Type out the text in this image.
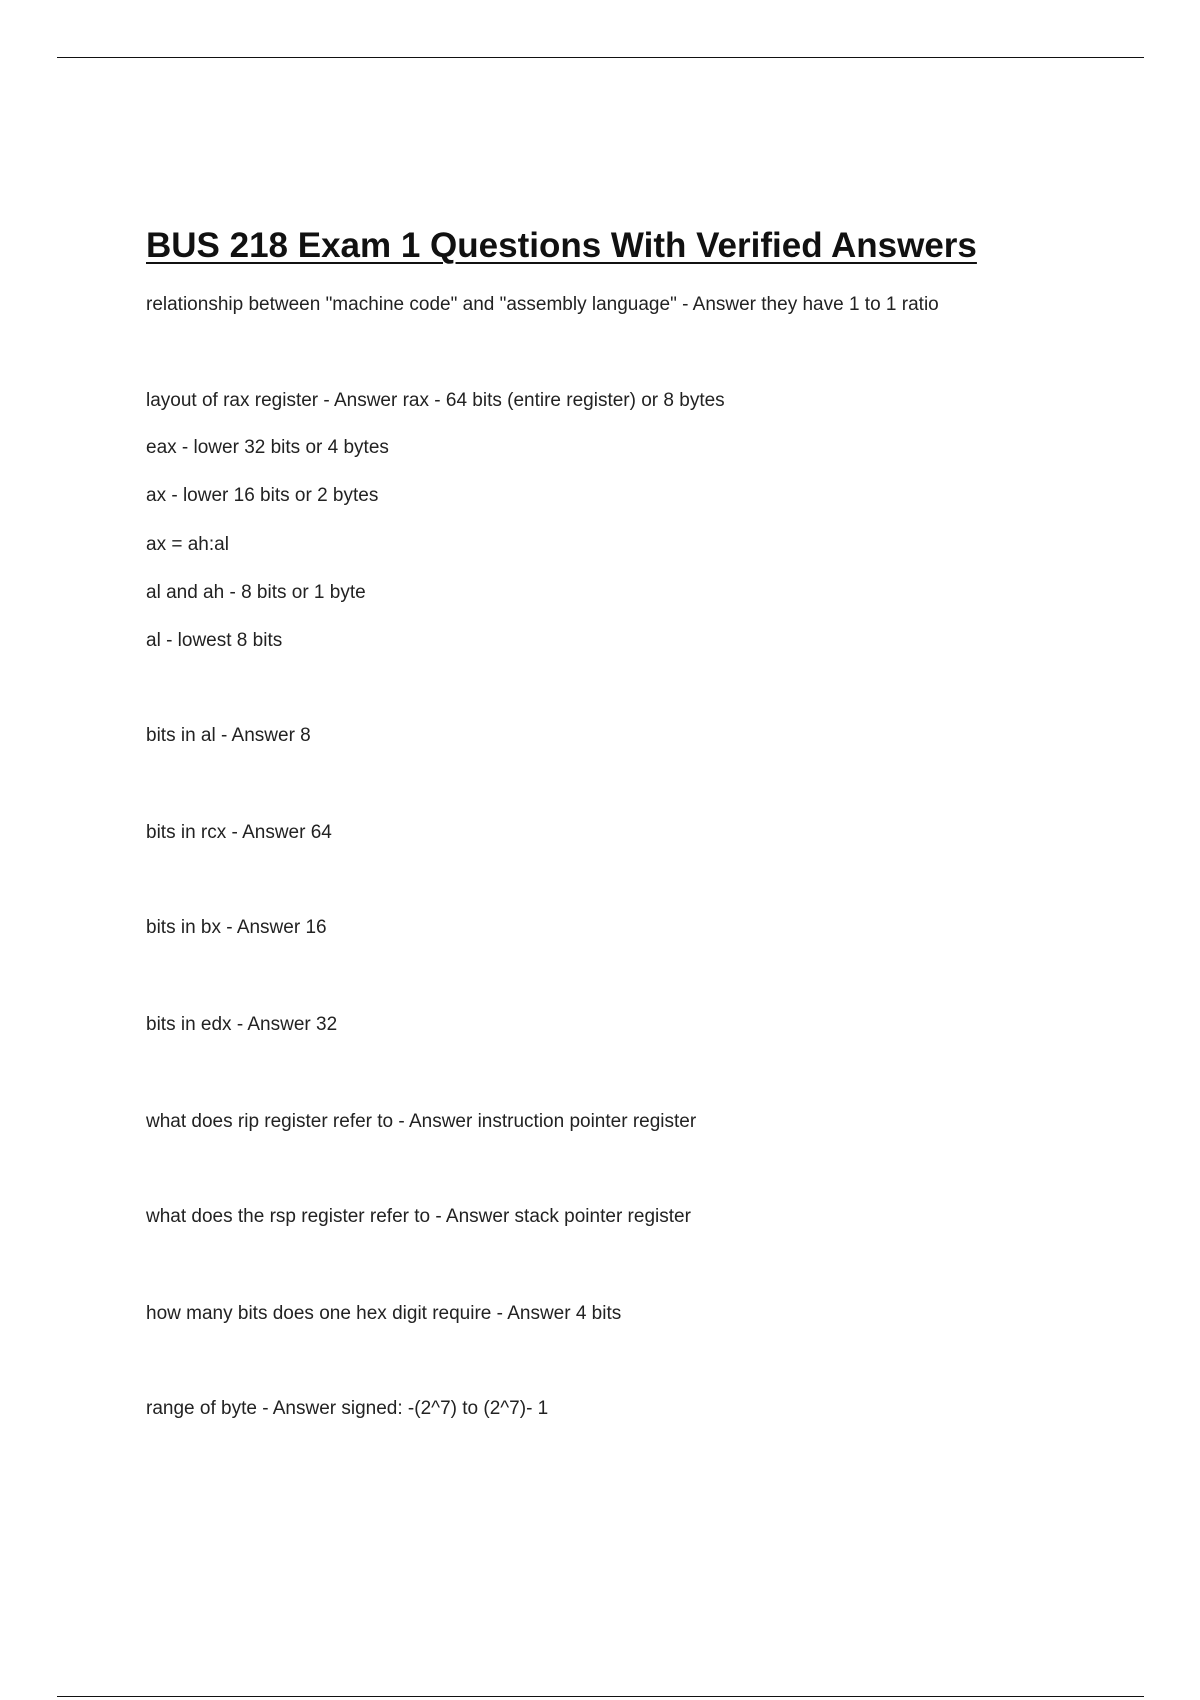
BUS 218 Exam 1 Questions With Verified Answers

relationship between "machine code" and "assembly language" - Answer they have 1 to 1 ratio

layout of rax register - Answer rax - 64 bits (entire register) or 8 bytes

eax - lower 32 bits or 4 bytes

ax - lower 16 bits or 2 bytes

ax = ah:al

al and ah - 8 bits or 1 byte

al - lowest 8 bits

bits in al - Answer 8

bits in rcx - Answer 64

bits in bx - Answer 16

bits in edx - Answer 32

what does rip register refer to - Answer instruction pointer register

what does the rsp register refer to - Answer stack pointer register

how many bits does one hex digit require - Answer 4 bits

range of byte - Answer signed: -(2^7) to (2^7)- 1
